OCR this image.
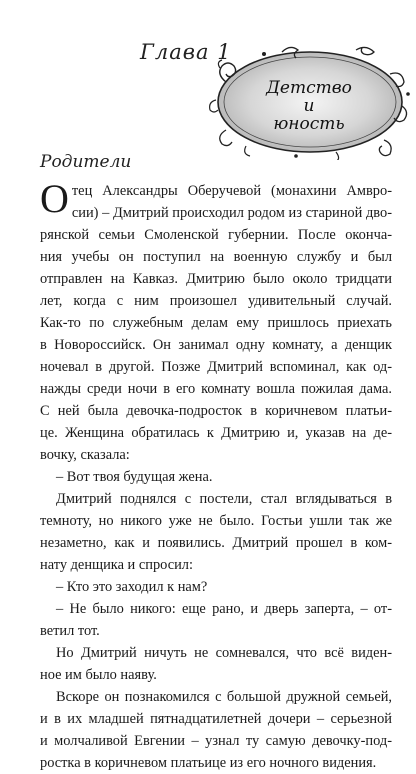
Глава 1
Детство
и
юность
Родители
О тец Александры Оберучевой (монахини Амвро-
сии) – Дмитрий происходил родом из стариной дво-
рянской семьи Смоленской губернии. После оконча-
ния учебы он поступил на военную службу и был
отправлен на Кавказ. Дмитрию было около тридцати
лет, когда с ним произошел удивительный случай.
Как-то по служебным делам ему пришлось приехать
в Новороссийск. Он занимал одну комнату, а денщик
ночевал в другой. Позже Дмитрий вспоминал, как од-
нажды среди ночи в его комнату вошла пожилая дама.
С ней была девочка-подросток в коричневом платьи-
це. Женщина обратилась к Дмитрию и, указав на де-
вочку, сказала:
– Вот твоя будущая жена.
Дмитрий поднялся с постели, стал вглядываться в
темноту, но никого уже не было. Гостьи ушли так же
незаметно, как и появились. Дмитрий прошел в ком-
нату денщика и спросил:
– Кто это заходил к нам?
– Не было никого: еще рано, и дверь заперта, – от-
ветил тот.
Но Дмитрий ничуть не сомневался, что всё виден-
ное им было наяву.
Вскоре он познакомился с большой дружной семьей,
и в их младшей пятнадцатилетней дочери – серьезной
и молчаливой Евгении – узнал ту самую девочку-под-
ростка в коричневом платьице из его ночного видения.
